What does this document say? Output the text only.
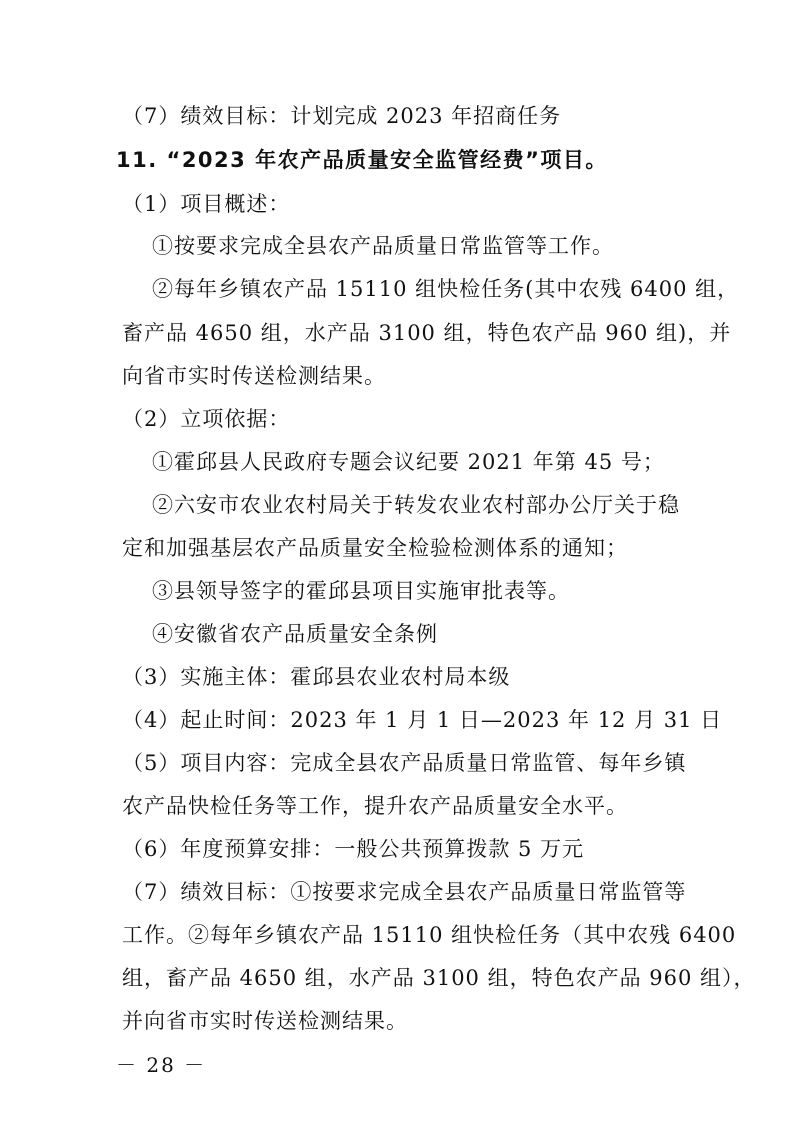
（7）绩效目标：计划完成 2023 年招商任务
11. “2023 年农产品质量安全监管经费”项目。
（1）项目概述：
①按要求完成全县农产品质量日常监管等工作。
②每年乡镇农产品 15110 组快检任务(其中农残 6400 组，
畜产品 4650 组，水产品 3100 组，特色农产品 960 组)，并
向省市实时传送检测结果。
（2）立项依据：
①霍邱县人民政府专题会议纪要 2021 年第 45 号；
②六安市农业农村局关于转发农业农村部办公厅关于稳
定和加强基层农产品质量安全检验检测体系的通知；
③县领导签字的霍邱县项目实施审批表等。
④安徽省农产品质量安全条例
（3）实施主体：霍邱县农业农村局本级
（4）起止时间：2023 年 1 月 1 日—2023 年 12 月 31 日
（5）项目内容：完成全县农产品质量日常监管、每年乡镇
农产品快检任务等工作，提升农产品质量安全水平。
（6）年度预算安排：一般公共预算拨款 5 万元
（7）绩效目标：①按要求完成全县农产品质量日常监管等
工作。②每年乡镇农产品 15110 组快检任务（其中农残 6400
组，畜产品 4650 组，水产品 3100 组，特色农产品 960 组），
并向省市实时传送检测结果。
－ 28 －
